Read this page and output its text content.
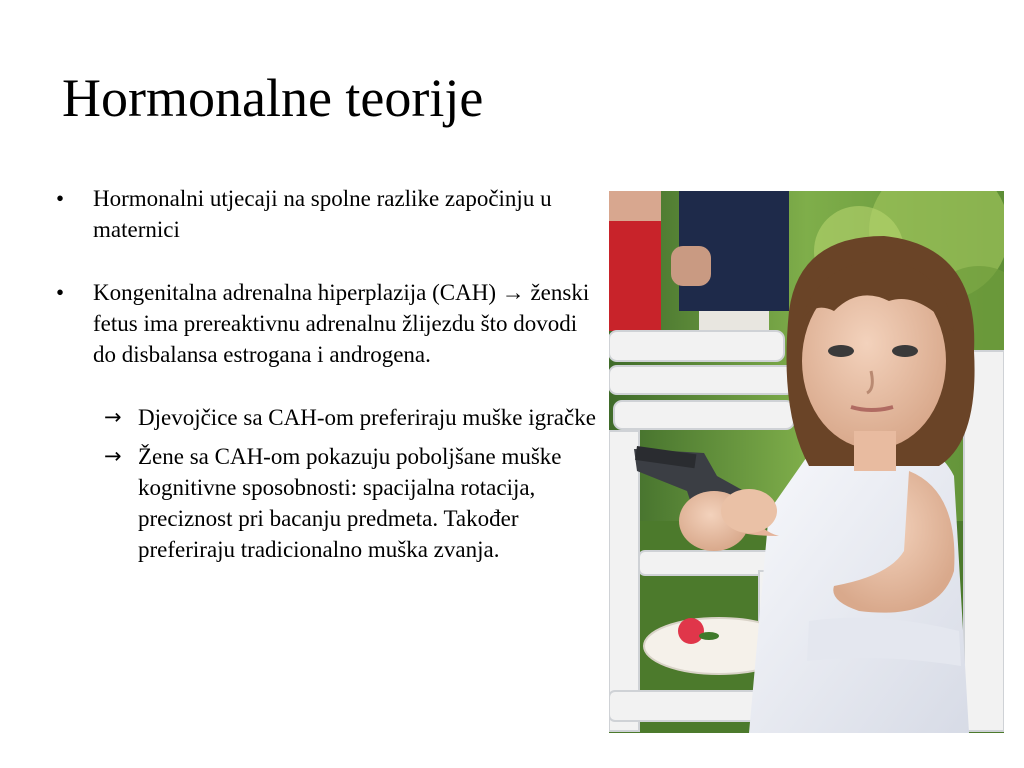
Hormonalne teorije
• Hormonalni utjecaji na spolne razlike započinju u maternici
• Kongenitalna adrenalna hiperplazija (CAH) → ženski fetus ima prereaktivnu adrenalnu žlijezdu što dovodi do disbalansa estrogana i androgena.
→ Djevojčice sa CAH-om preferiraju muške igračke
→ Žene sa CAH-om pokazuju poboljšane muške kognitivne sposobnosti: spacijalna rotacija, preciznost pri bacanju predmeta. Također preferiraju tradicionalno muška zvanja.
